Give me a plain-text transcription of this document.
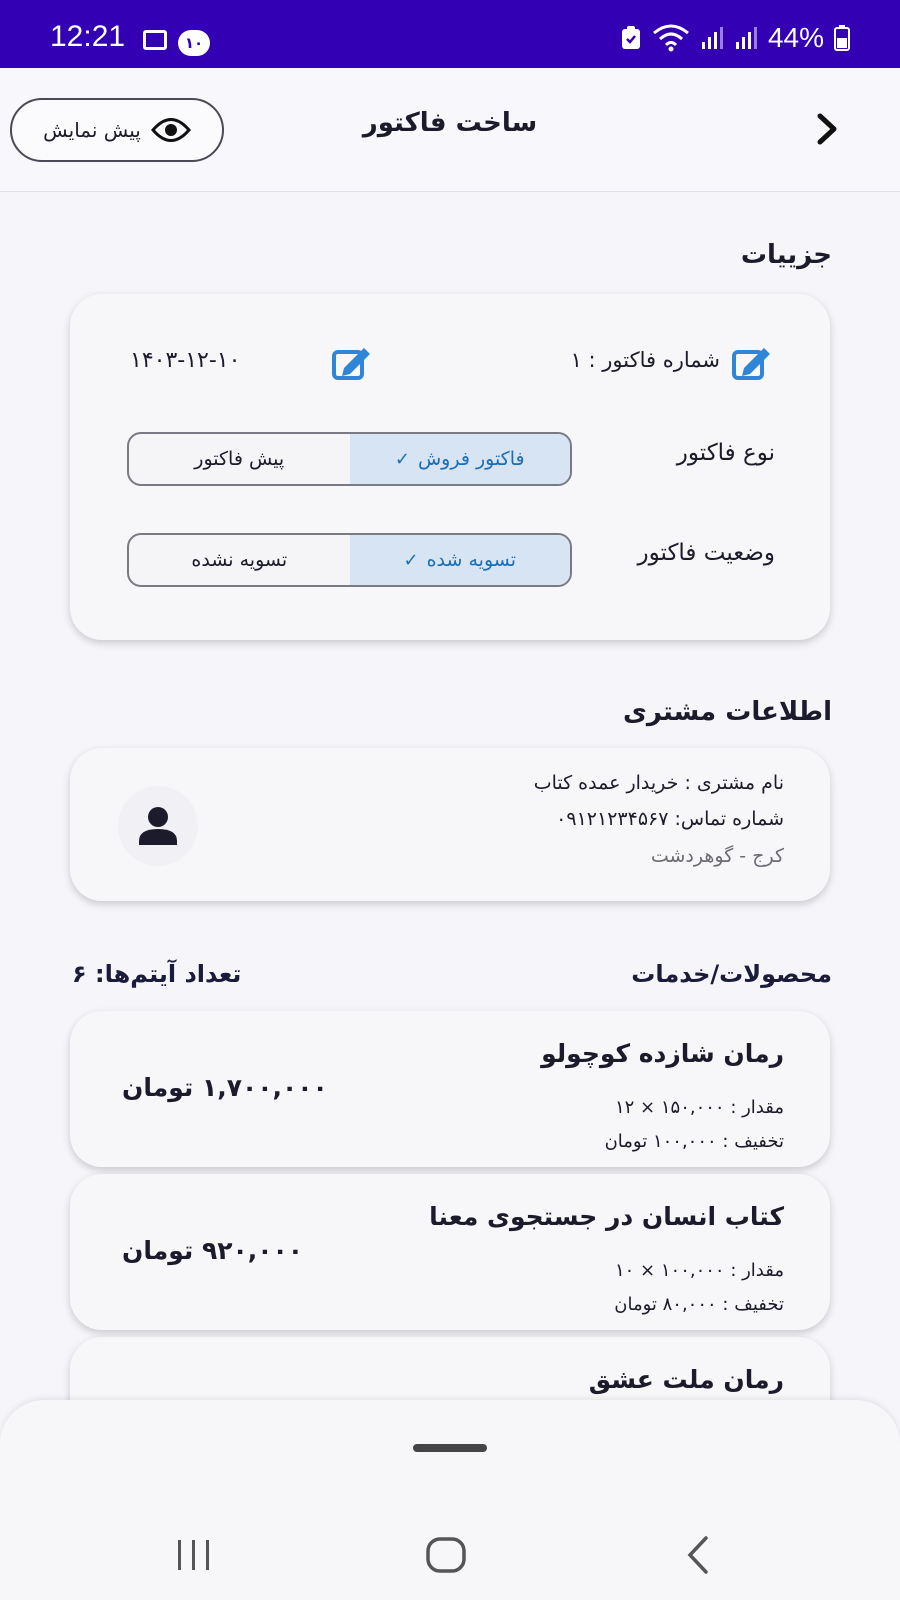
12:21	۱۰	44%
پیش نمایش	ساخت فاکتور
جزییات
شماره فاکتور : ۱
۱۴۰۳-۱۲-۱۰
نوع فاکتور
پیش فاکتور	فاکتور فروش
✓
وضعیت فاکتور
تسویه نشده	تسویه شده
✓
اطلاعات مشتری
نام مشتری : خریدار عمده کتاب
شماره تماس: ۰۹۱۲۱۲۳۴۵۶۷
کرج - گوهردشت
محصولات/خدمات
تعداد آیتم‌ها: ۶
رمان شازده کوچولو
مقدار : ۱۵۰,۰۰۰ × ۱۲
تخفیف : ۱۰۰,۰۰۰ تومان
۱,۷۰۰,۰۰۰ تومان
کتاب انسان در جستجوی معنا
مقدار : ۱۰۰,۰۰۰ × ۱۰
تخفیف : ۸۰,۰۰۰ تومان
۹۲۰,۰۰۰ تومان
رمان ملت عشق
